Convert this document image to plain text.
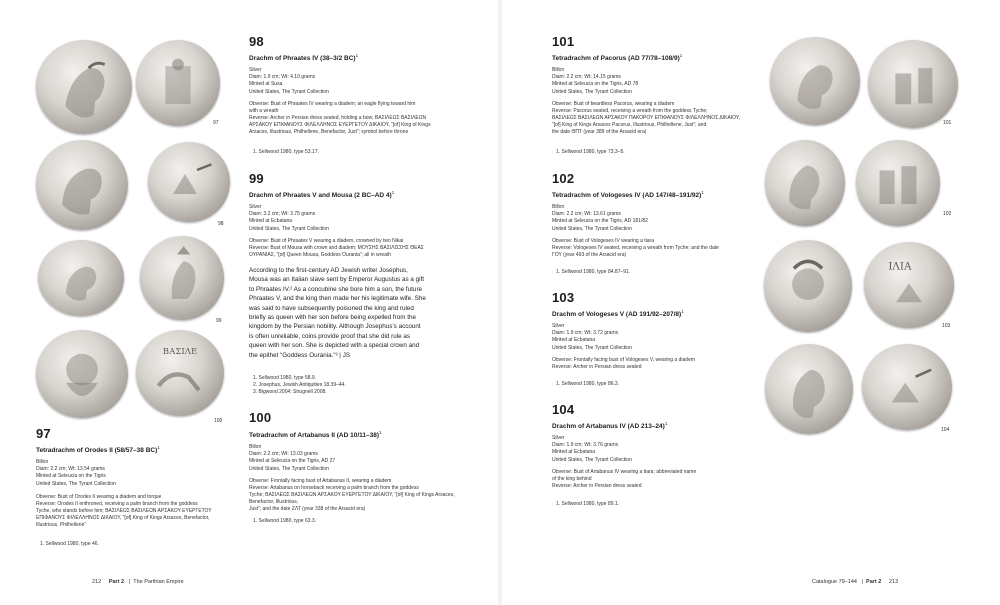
97
98
99
ΒΑΣΙΛΕ
100
97
Tetradrachm of Orodes II (58/57–38 BC)$^1$
Billon
Diam: 2.2 cm; Wt: 13.54 grams
Minted at Seleucia on the Tigris
United States, The Tyrant Collection
Obverse: Bust of Orodes II wearing a diadem and torque
Reverse: Orodes II enthroned, receiving a palm branch from the goddess
Tyche, who stands before him; ΒΑΣΙΛΕΩΣ ΒΑΣΙΛΕΩΝ ΑΡΣΑΚΟΥ ΕΥΕΡΓΕΤΟΥ
ΕΠΙΦΑΝΟΥΣ ΦΙΛΕΛΛΗΝΟΣ ΔΙΚΑΙΟΥ, “[of] King of Kings Arsaces, Benefactor,
Illustrious, Philhellene”
1. Sellwood 1980, type 46.
98
Drachm of Phraates IV (38–3/2 BC)$^1$
Silver
Diam: 1.9 cm; Wt: 4.10 grams
Minted at Susa
United States, The Tyrant Collection
Obverse: Bust of Phraates IV wearing a diadem; an eagle flying toward him
with a wreath
Reverse: Archer in Persian dress seated, holding a bow; ΒΑΣΙΛΕΩΣ ΒΑΣΙΛΕΩΝ
ΑΡΣΑΚΟΥ ΕΠΙΦΑΝΟΥΣ ΦΙΛΕΛΛΗΝΟΣ ΕΥΕΡΓΕΤΟΥ ΔΙΚΑΙΟΥ, “[of] King of Kings
Arsaces, Illustrious, Philhellene, Benefactor, Just”; symbol before throne
1. Sellwood 1980, type 53.17.
99
Drachm of Phraates V and Mousa (2 BC–AD 4)$^1$
Silver
Diam: 3.2 cm; Wt: 3.75 grams
Minted at Ecbatana
United States, The Tyrant Collection
Obverse: Bust of Phraates V wearing a diadem, crowned by two Nikai
Reverse: Bust of Mousa with crown and diadem; ΜΟΥΣΗΣ ΒΑΣΙΛΙΣΣΗΣ ΘΕΑΣ
ΟΥΡΑΝΙΑΣ, “[of] Queen Mousa, Goddess Ourania”; all in wreath
According to the first-century AD Jewish writer Josephus,
Mousa was an Italian slave sent by Emperor Augustus as a gift
to Phraates IV.² As a concubine she bore him a son, the future
Phraates V, and the king then made her his legitimate wife. She
was said to have subsequently poisoned the king and ruled
briefly as queen with her son before being expelled from the
kingdom by the Persian nobility. Although Josephus’s account
is often unreliable, coins provide proof that she did rule as
queen with her son. She is depicted with a special crown and
the epithet “Goddess Ourania.”³ | JS
1. Sellwood 1980, type 58.9.
2. Josephus, Jewish Antiquities 18.39–44.
3. Bigwood 2004; Strugnell 2008.
100
Tetradrachm of Artabanus II (AD 10/11–38)$^1$
Billon
Diam: 2.2 cm; Wt: 13.03 grams
Minted at Seleucia on the Tigris, AD 27
United States, The Tyrant Collection
Obverse: Frontally facing bust of Artabanus II, wearing a diadem
Reverse: Artabanus on horseback receiving a palm branch from the goddess
Tyche; ΒΑΣΙΛΕΩΣ ΒΑΣΙΛΕΩΝ ΑΡΣΑΚΟΥ ΕΥΕΡΓΕΤΟΥ ΔΙΚΑΙΟΥ, “[of] King of Kings Arsaces, Benefactor, Illustrious,
Just”; and the date ΖΛΤ (year 338 of the Arsacid era)
1. Sellwood 1980, type 63.3.
212 Part 2   |  The Parthian Empire
101
Tetradrachm of Pacorus (AD 77/78–108/9)$^1$
Billon
Diam: 2.2 cm; Wt: 14.15 grams
Minted at Seleucia on the Tigris, AD 78
United States, The Tyrant Collection
Obverse: Bust of beardless Pacorus, wearing a diadem
Reverse: Pacorus seated, receiving a wreath from the goddess Tyche;
ΒΑΣΙΛΕΩΣ ΒΑΣΙΛΕΩΝ ΑΡΣΑΚΟΥ ΠΑΚΟΡΟΥ ΕΠΙΦΑΝΟΥΣ ΦΙΛΕΛΛΗΝΟΣ ΔΙΚΑΙΟΥ,
“[of] King of Kings Arsaces Pacorus, Illustrious, Philhellene, Just”; and
the date ΘΠΤ (year 389 of the Arsacid era)
1. Sellwood 1980, type 73.3–5.
102
Tetradrachm of Vologeses IV (AD 147/48–191/92)$^1$
Billon
Diam: 2.2 cm; Wt: 13.61 grams
Minted at Seleucia on the Tigris, AD 181/82
United States, The Tyrant Collection
Obverse: Bust of Vologeses IV wearing a tiara
Reverse: Vologeses IV seated, receiving a wreath from Tyche; and the date
ΓΟΥ (year 493 of the Arsacid era)
1. Sellwood 1980, type 84.87–91.
103
Drachm of Vologeses V (AD 191/92–207/8)$^1$
Silver
Diam: 1.9 cm; Wt: 3.72 grams
Minted at Ecbatana
United States, The Tyrant Collection
Obverse: Frontally facing bust of Vologeses V, wearing a diadem
Reverse: Archer in Persian dress seated
1. Sellwood 1980, type 86.3.
104
Drachm of Artabanus IV (AD 213–24)$^1$
Silver
Diam: 1.9 cm; Wt: 3.76 grams
Minted at Ecbatana
United States, The Tyrant Collection
Obverse: Bust of Artabanus IV wearing a tiara; abbreviated name
of the king behind
Reverse: Archer in Persian dress seated
1. Sellwood 1980, type 89.1.
101
102
ΙΛΙΑ
103
104
Catalogue 79–144   |  Part 2 213
